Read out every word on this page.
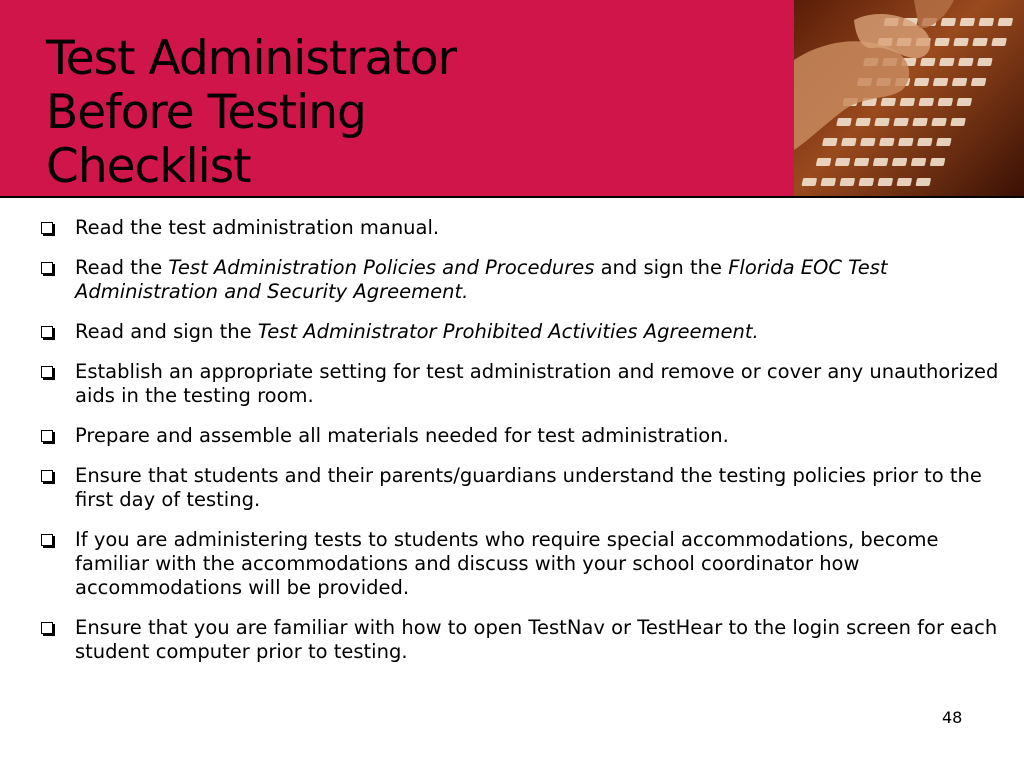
Test Administrator
Before Testing
Checklist
Read the test administration manual.
Read the Test Administration Policies and Procedures and sign the Florida EOC Test Administration and Security Agreement.
Read and sign the Test Administrator Prohibited Activities Agreement.
Establish an appropriate setting for test administration and remove or cover any unauthorized aids in the testing room.
Prepare and assemble all materials needed for test administration.
Ensure that students and their parents/guardians understand the testing policies prior to the first day of testing.
If you are administering tests to students who require special accommodations, become familiar with the accommodations and discuss with your school coordinator how accommodations will be provided.
Ensure that you are familiar with how to open TestNav or TestHear to the login screen for each student computer prior to testing.
48
